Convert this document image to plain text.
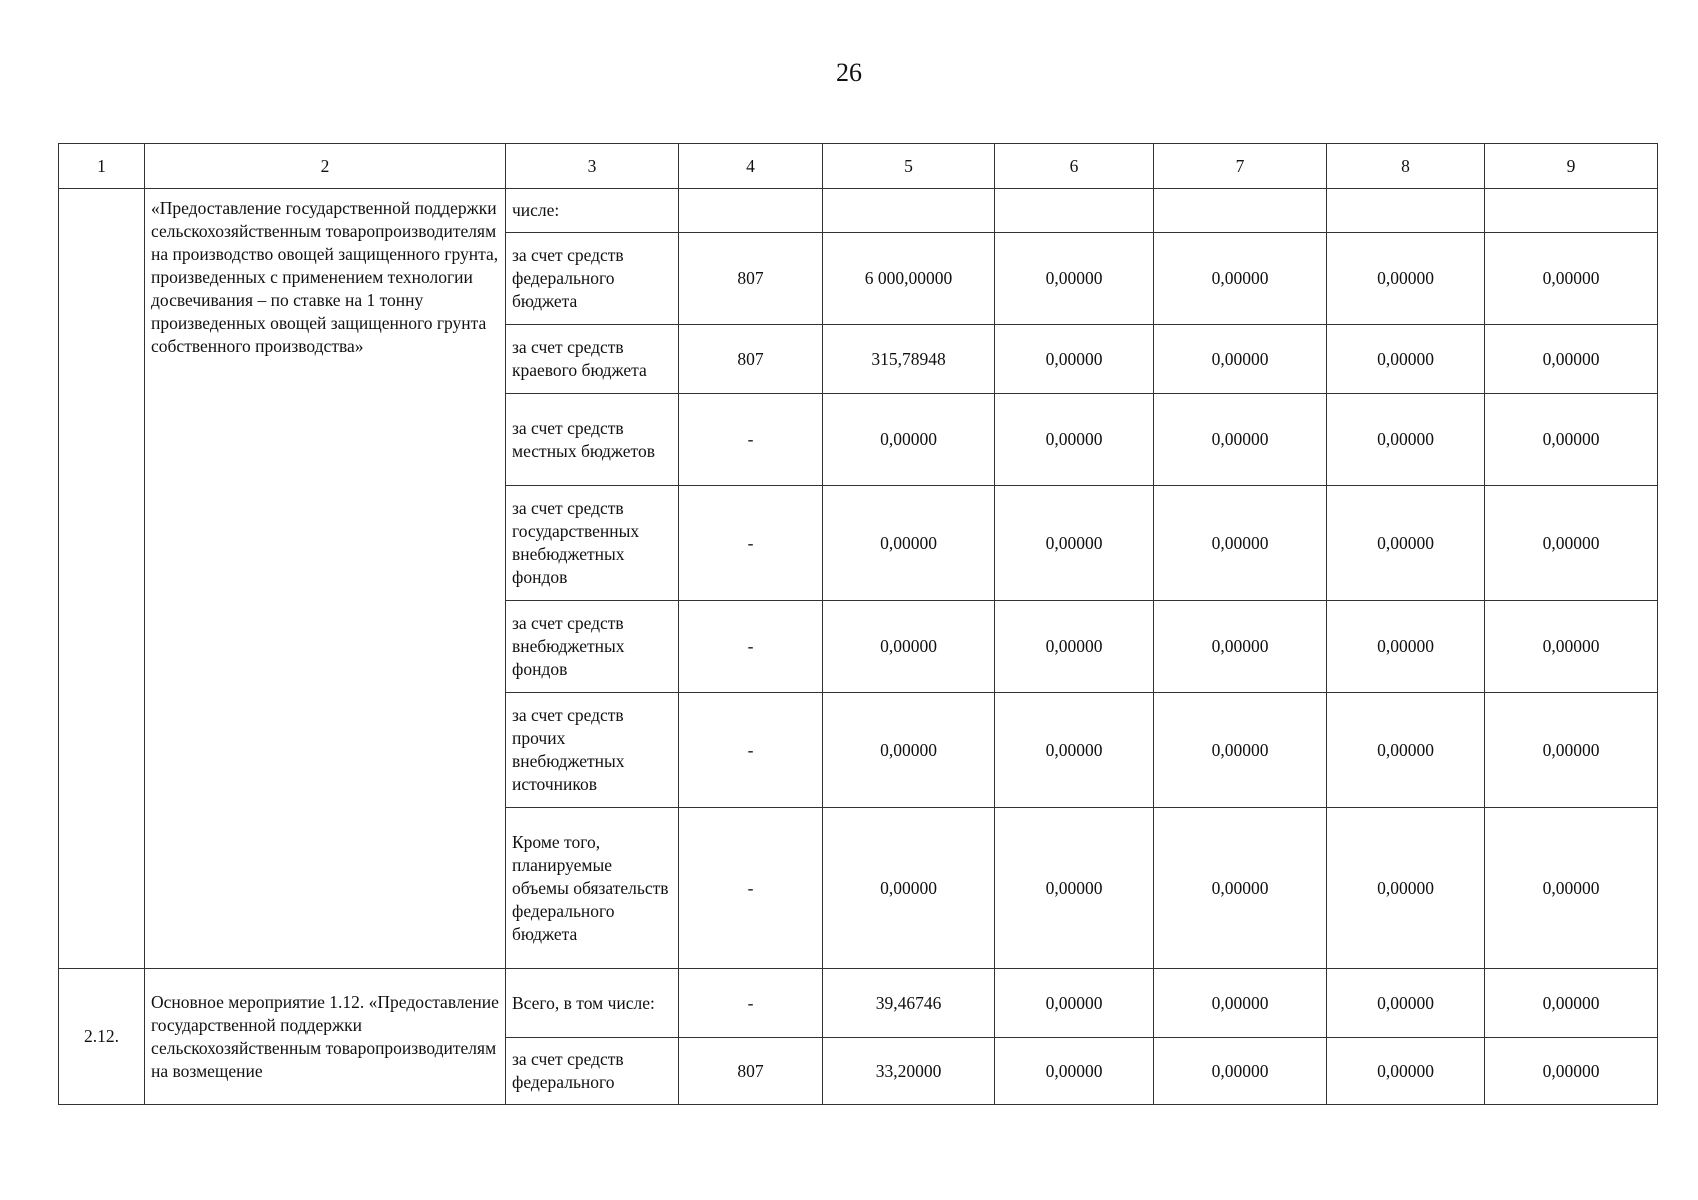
26
1	2	3	4	5	6	7	8	9
	«Предоставление государственной поддержки сельскохозяйственным товаропроизводителям на производство овощей защищенного грунта, произведенных с применением технологии досвечивания – по ставке на 1 тонну произведенных овощей защищенного грунта собственного производства»	числе:						
		за счет средств федерального бюджета	807	6 000,00000	0,00000	0,00000	0,00000	0,00000
		за счет средств краевого бюджета	807	315,78948	0,00000	0,00000	0,00000	0,00000
		за счет средств местных бюджетов	-	0,00000	0,00000	0,00000	0,00000	0,00000
		за счет средств государственных внебюджетных фондов	-	0,00000	0,00000	0,00000	0,00000	0,00000
		за счет средств внебюджетных фондов	-	0,00000	0,00000	0,00000	0,00000	0,00000
		за счет средств прочих внебюджетных источников	-	0,00000	0,00000	0,00000	0,00000	0,00000
		Кроме того, планируемые объемы обязательств федерального бюджета	-	0,00000	0,00000	0,00000	0,00000	0,00000
2.12.	Основное мероприятие 1.12. «Предоставление государственной поддержки сельскохозяйственным товаропроизводителям на возмещение	Всего, в том числе:	-	39,46746	0,00000	0,00000	0,00000	0,00000
		за счет средств федерального	807	33,20000	0,00000	0,00000	0,00000	0,00000
